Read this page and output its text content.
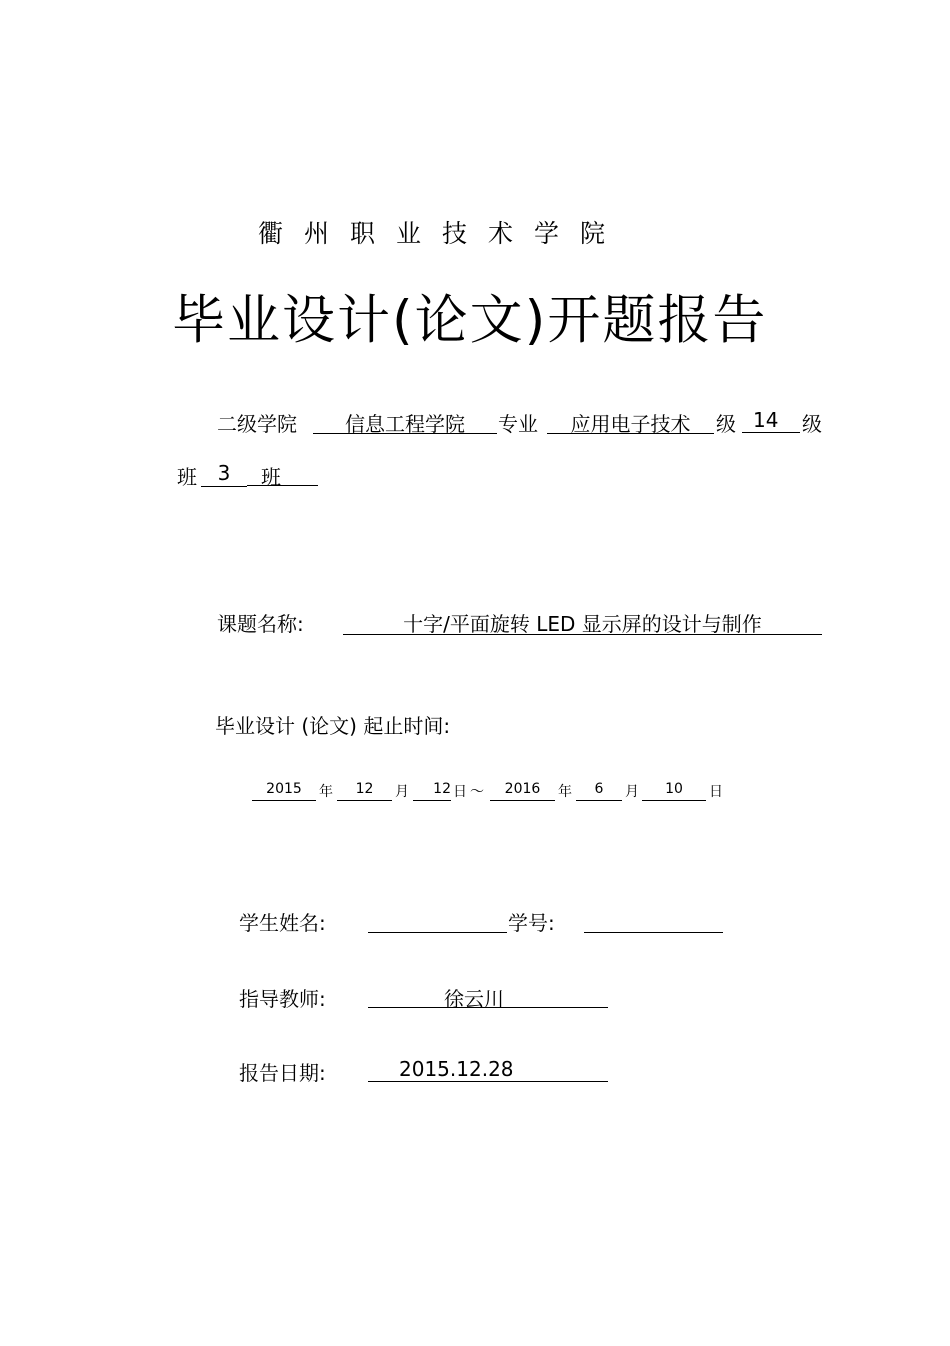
衢州职业技术学院
毕业设计(论文)开题报告
二级学院	信息工程学院	专业	应用电子技术	级 14	级
班	3	班
课题名称:	十字/平面旋转 LED 显示屏的设计与制作
毕业设计 (论文) 起止时间:
2015	年	12	月	12 日 ～	2016	年	6	月	10	日
学生姓名:	学号:
指导教师:	徐云川
报告日期:	2015.12.28
